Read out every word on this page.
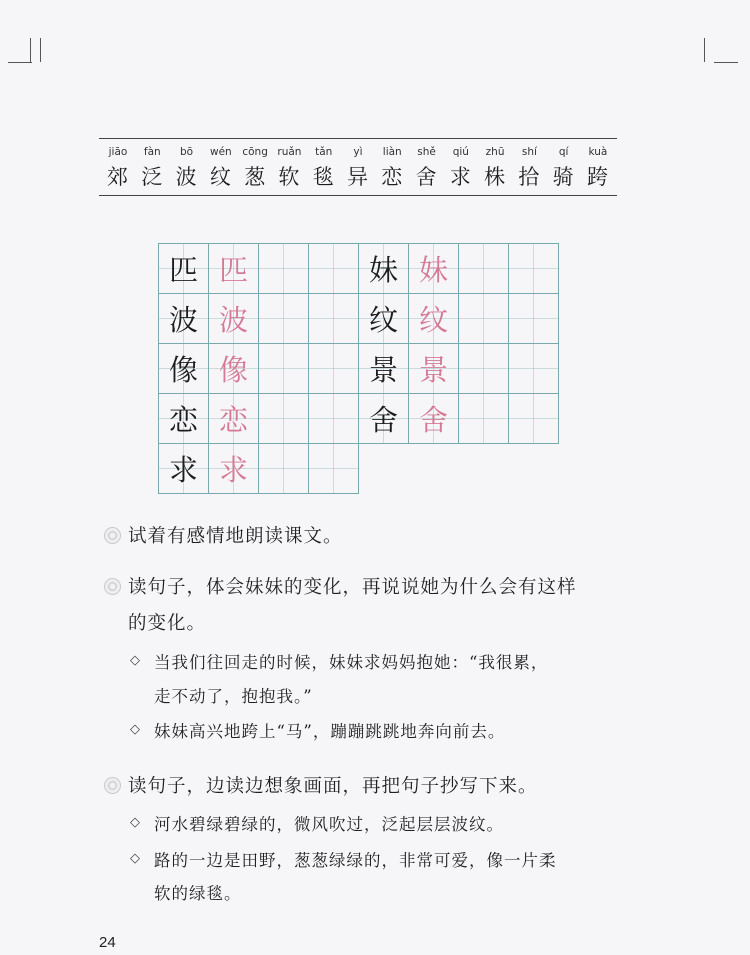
jiāo
郊
fàn
泛
bō
波
wén
纹
cōng
葱
ruǎn
软
tǎn
毯
yì
异
liàn
恋
shě
舍
qiú
求
zhū
株
shí
拾
qí
骑
kuà
跨
匹 匹
波 波
像 像
恋 恋
求 求
妹 妹
纹 纹
景 景
舍 舍
试着有感情地朗读课文。
读句子，体会妹妹的变化，再说说她为什么会有这样
的变化。
◇ 当我们往回走的时候，妹妹求妈妈抱她：“我很累，
走不动了，抱抱我。”
◇ 妹妹高兴地跨上“马”，蹦蹦跳跳地奔向前去。
读句子，边读边想象画面，再把句子抄写下来。
◇ 河水碧绿碧绿的，微风吹过，泛起层层波纹。
◇ 路的一边是田野，葱葱绿绿的，非常可爱，像一片柔
软的绿毯。
24
